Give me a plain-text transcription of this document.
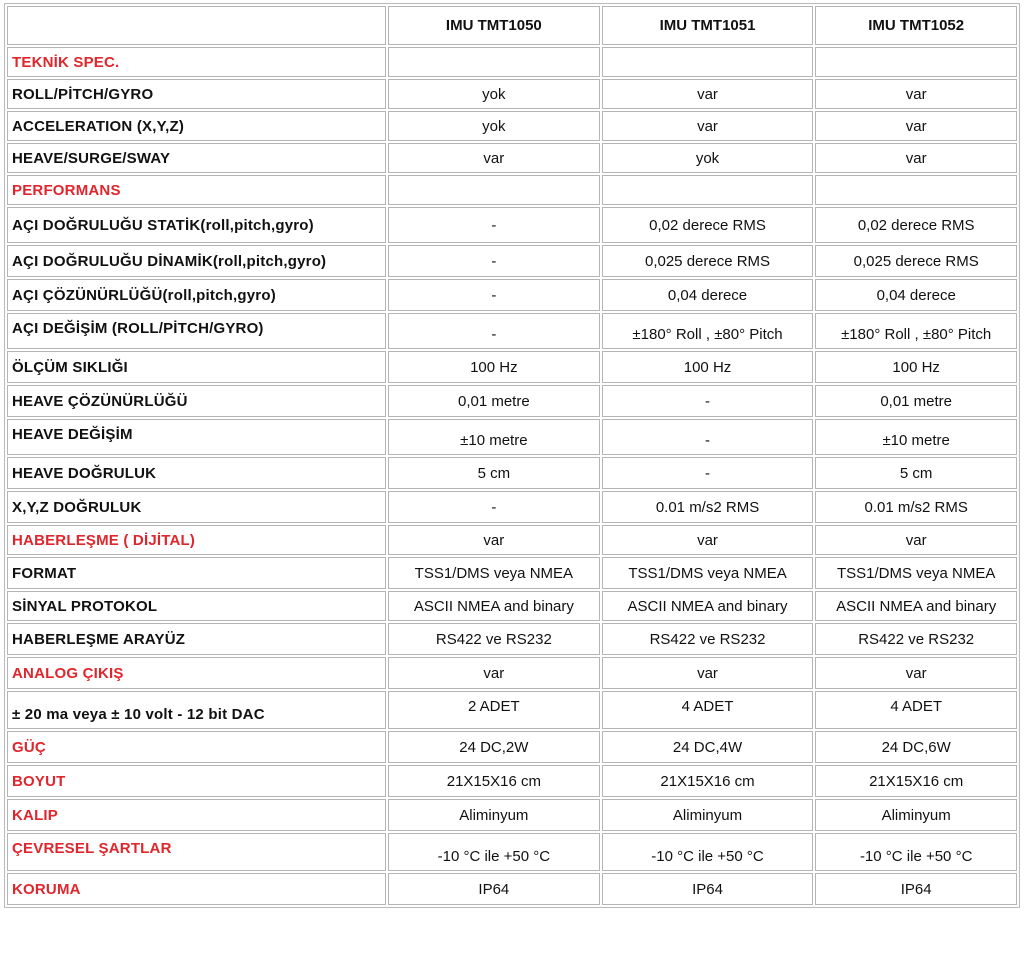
	IMU TMT1050	IMU TMT1051	IMU TMT1052
TEKNİK SPEC.			
ROLL/PİTCH/GYRO	yok	var	var
ACCELERATION (X,Y,Z)	yok	var	var
HEAVE/SURGE/SWAY	var	yok	var
PERFORMANS			
AÇI DOĞRULUĞU STATİK(roll,pitch,gyro)	-	0,02 derece RMS	0,02 derece RMS
AÇI DOĞRULUĞU DİNAMİK(roll,pitch,gyro)	-	0,025 derece RMS	0,025 derece RMS
AÇI ÇÖZÜNÜRLÜĞÜ(roll,pitch,gyro)	-	0,04 derece	0,04 derece
AÇI DEĞİŞİM (ROLL/PİTCH/GYRO)	-	±180° Roll , ±80° Pitch	±180° Roll , ±80° Pitch
ÖLÇÜM SIKLIĞI	100 Hz	100 Hz	100 Hz
HEAVE ÇÖZÜNÜRLÜĞÜ	0,01 metre	-	0,01 metre
HEAVE DEĞİŞİM	±10 metre	-	±10 metre
HEAVE DOĞRULUK	5 cm	-	5 cm
X,Y,Z DOĞRULUK	-	0.01 m/s2 RMS	0.01 m/s2 RMS
HABERLEŞME ( DİJİTAL)	var	var	var
FORMAT	TSS1/DMS veya NMEA	TSS1/DMS veya NMEA	TSS1/DMS veya NMEA
SİNYAL PROTOKOL	ASCII NMEA and binary	ASCII NMEA and binary	ASCII NMEA and binary
HABERLEŞME ARAYÜZ	RS422 ve RS232	RS422 ve RS232	RS422 ve RS232
ANALOG ÇIKIŞ	var	var	var
± 20 ma veya ± 10 volt - 12 bit DAC	2 ADET	4 ADET	4 ADET
GÜÇ	24 DC,2W	24 DC,4W	24 DC,6W
BOYUT	21X15X16 cm	21X15X16 cm	21X15X16 cm
KALIP	Aliminyum	Aliminyum	Aliminyum
ÇEVRESEL ŞARTLAR	-10 °C ile +50 °C	-10 °C ile +50 °C	-10 °C ile +50 °C
KORUMA	IP64	IP64	IP64
